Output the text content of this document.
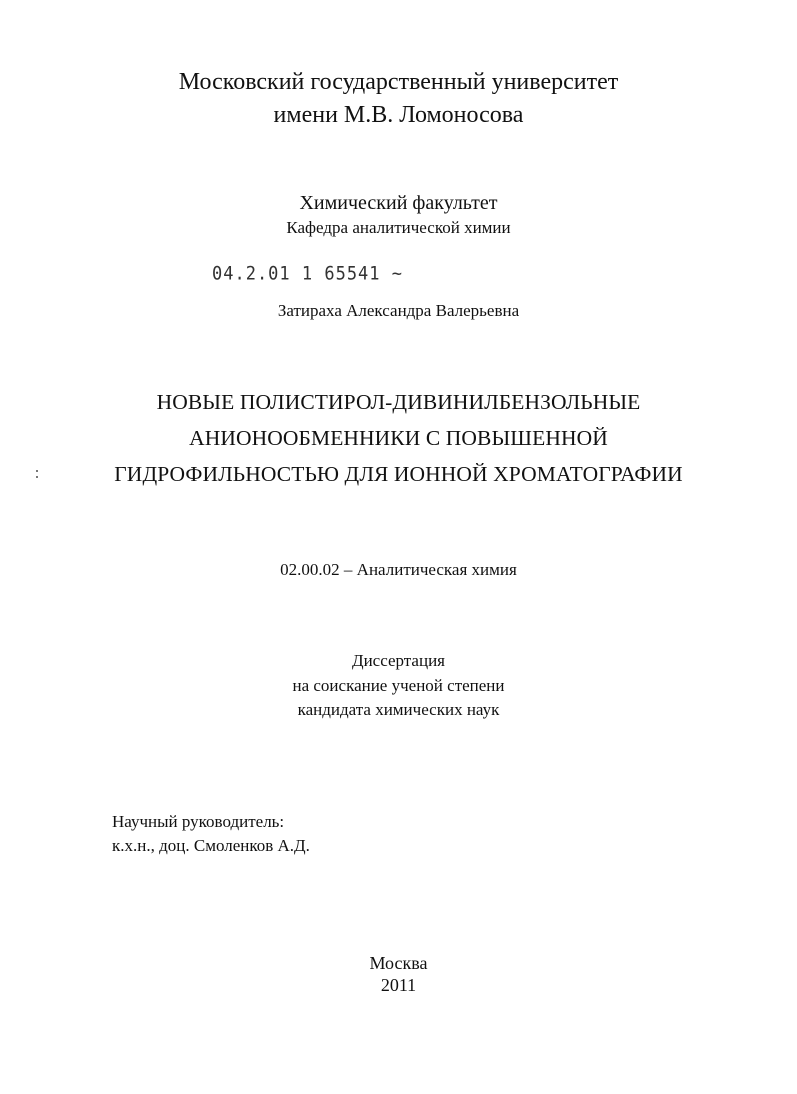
Московский государственный университет
имени М.В. Ломоносова
Химический факультет
Кафедра аналитической химии
04.2.01 1 65541 ~
Затираха Александра Валерьевна
НОВЫЕ ПОЛИСТИРОЛ-ДИВИНИЛБЕНЗОЛЬНЫЕ
АНИОНООБМЕННИКИ С ПОВЫШЕННОЙ
ГИДРОФИЛЬНОСТЬЮ ДЛЯ ИОННОЙ ХРОМАТОГРАФИИ
02.00.02 – Аналитическая химия
Диссертация
на соискание ученой степени
кандидата химических наук
Научный руководитель:
к.х.н., доц. Смоленков А.Д.
Москва
2011
